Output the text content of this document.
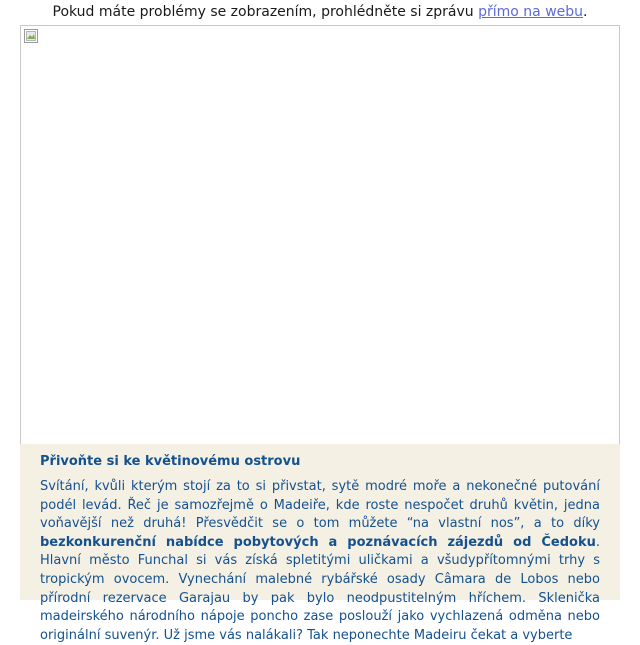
Pokud máte problémy se zobrazením, prohlédněte si zprávu přímo na webu.
Přivoňte si ke květinovému ostrovu

Svítání, kvůli kterým stojí za to si přivstat, sytě modré moře a nekonečné putování podél levád. Řeč je samozřejmě o Madeiře, kde roste nespočet druhů květin, jedna voňavější než druhá! Přesvědčit se o tom můžete “na vlastní nos”, a to díky bezkonkurenční nabídce pobytových a poznávacích zájezdů od Čedoku. Hlavní město Funchal si vás získá spletitými uličkami a všudypřítomnými trhy s tropickým ovocem. Vynechání malebné rybářské osady Câmara de Lobos nebo přírodní rezervace Garajau by pak bylo neodpustitelným hříchem. Sklenička madeirského národního nápoje poncho zase poslouží jako vychlazená odměna nebo originální suvenýr. Už jsme vás nalákali? Tak neponechte Madeiru čekat a vyberte
